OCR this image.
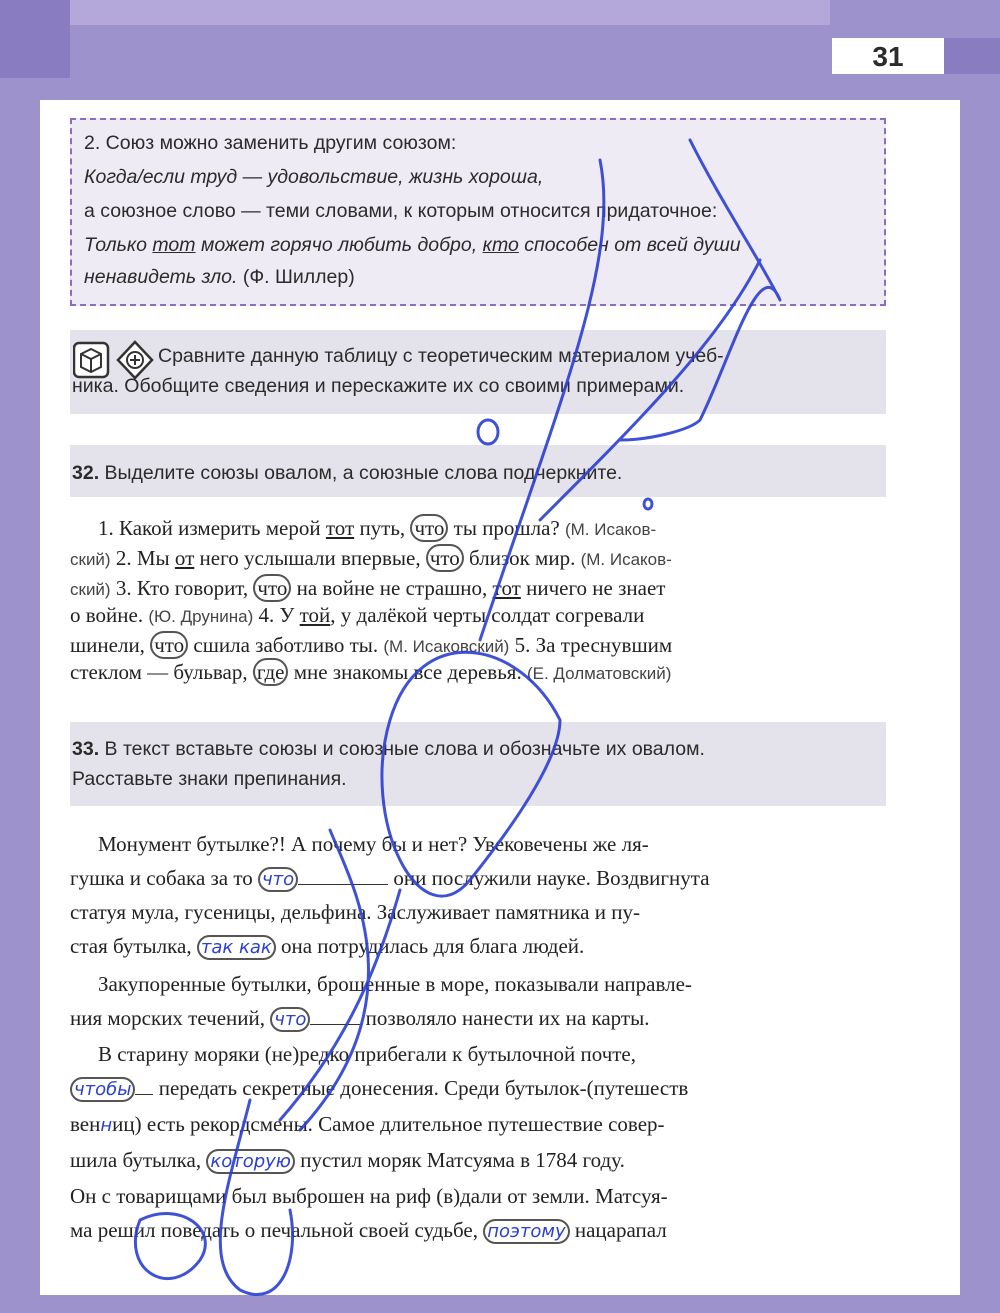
31
2. Союз можно заменить другим союзом:
Когда/если труд — удовольствие, жизнь хороша,
а союзное слово — теми словами, к которым относится придаточное:
Только тот может горячо любить добро, кто способен от всей души
ненавидеть зло. (Ф. Шиллер)
Сравните данную таблицу с теоретическим материалом учеб-
ника. Обобщите сведения и перескажите их со своими примерами.
32. Выделите союзы овалом, а союзные слова подчеркните.
1. Какой измерить мерой тот путь, что ты прошла? (М. Исаков-
ский) 2. Мы от него услышали впервые, что близок мир. (М. Исаков-
ский) 3. Кто говорит, что на войне не страшно, тот ничего не знает
о войне. (Ю. Друнина) 4. У той, у далёкой черты солдат согревали
шинели, что сшила заботливо ты. (М. Исаковский) 5. За треснувшим
стеклом — бульвар, где мне знакомы все деревья. (Е. Долматовский)
33. В текст вставьте союзы и союзные слова и обозначьте их овалом.
Расставьте знаки препинания.
Монумент бутылке?! А почему бы и нет? Увековечены же ля-
гушка и собака за то что	они послужили науке. Воздвигнута
статуя мула, гусеницы, дельфина. Заслуживает памятника и пу-
стая бутылка, так как она потрудилась для блага людей.
Закупоренные бутылки, брошенные в море, показывали направле-
ния морских течений, что	позволяло нанести их на карты.
В старину моряки (не)редко прибегали к бутылочной почте,
чтобы передать секретные донесения. Среди бутылок-(путешеств
венниц) есть рекордсмены. Самое длительное путешествие совер-
шила бутылка, которую пустил моряк Матсуяма в 1784 году.
Он с товарищами был выброшен на риф (в)дали от земли. Матсуя-
ма решил поведать о печальной своей судьбе, поэтому нацарапал
